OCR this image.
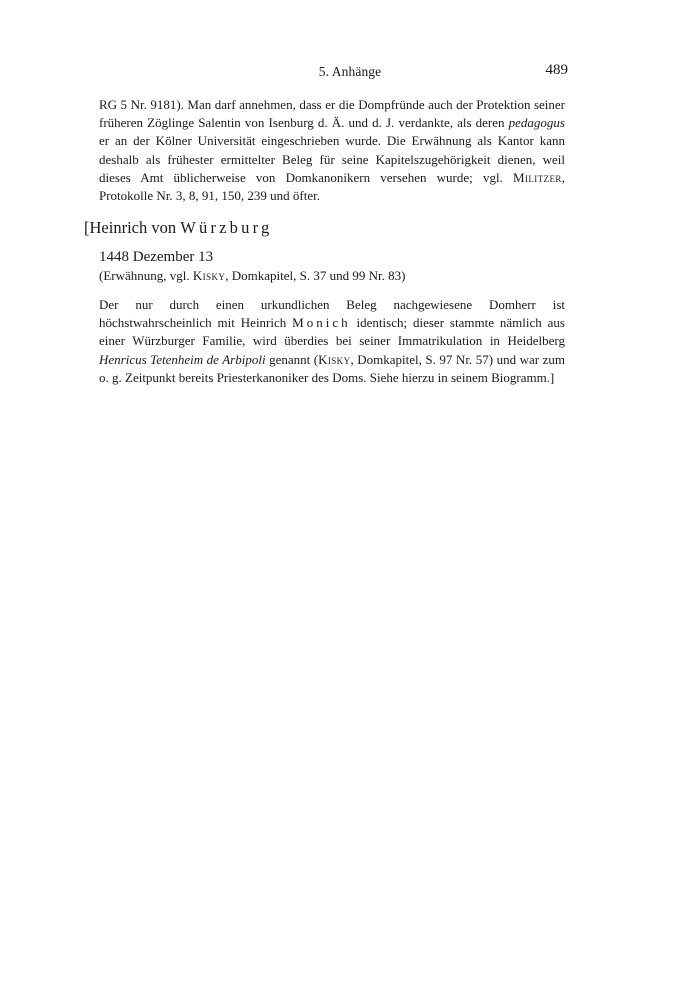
5. Anhänge	489

RG 5 Nr. 9181). Man darf annehmen, dass er die Dompfründe auch der Protektion seiner früheren Zöglinge Salentin von Isenburg d. Ä. und d. J. verdankte, als deren pedagogus er an der Kölner Universität eingeschrieben wurde. Die Erwähnung als Kantor kann deshalb als frühester ermittelter Beleg für seine Kapitelszugehörigkeit dienen, weil dieses Amt üblicherweise von Domkanonikern versehen wurde; vgl. Militzer, Protokolle Nr. 3, 8, 91, 150, 239 und öfter.

[Heinrich von Würzburg
1448 Dezember 13
(Erwähnung, vgl. Kisky, Domkapitel, S. 37 und 99 Nr. 83)

Der nur durch einen urkundlichen Beleg nachgewiesene Domherr ist höchstwahrscheinlich mit Heinrich Monich identisch; dieser stammte nämlich aus einer Würzburger Familie, wird überdies bei seiner Immatrikulation in Heidelberg Henricus Tetenheim de Arbipoli genannt (Kisky, Domkapitel, S. 97 Nr. 57) und war zum o. g. Zeitpunkt bereits Priesterkanoniker des Doms. Siehe hierzu in seinem Biogramm.]
